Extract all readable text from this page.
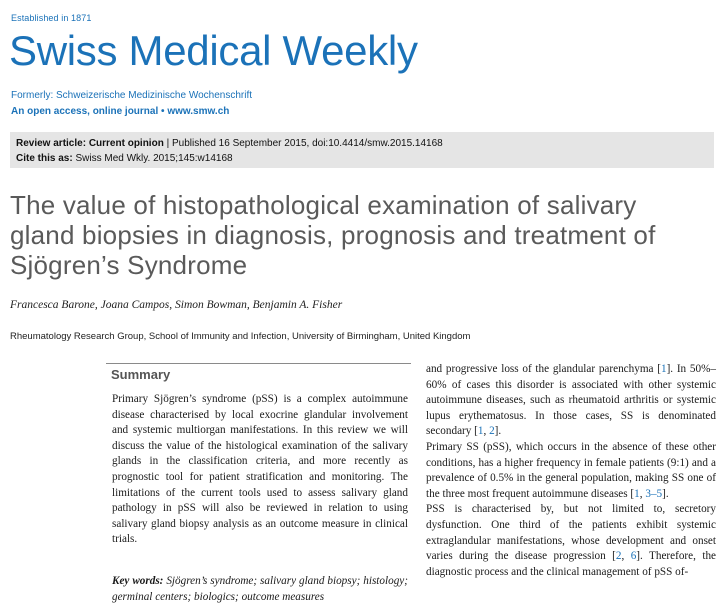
Established in 1871
Swiss Medical Weekly
Formerly: Schweizerische Medizinische Wochenschrift
An open access, online journal • www.smw.ch
Review article: Current opinion | Published 16 September 2015, doi:10.4414/smw.2015.14168
Cite this as: Swiss Med Wkly. 2015;145:w14168
The value of histopathological examination of salivary
gland biopsies in diagnosis, prognosis and treatment of
Sjögren’s Syndrome
Francesca Barone, Joana Campos, Simon Bowman, Benjamin A. Fisher
Rheumatology Research Group, School of Immunity and Infection, University of Birmingham, United Kingdom
Summary
Primary Sjögren’s syndrome (pSS) is a complex autoimmune disease characterised by local exocrine glandular involvement and systemic multiorgan manifestations. In this review we will discuss the value of the histological examination of the salivary glands in the classification criteria, and more recently as prognostic tool for patient stratification and monitoring. The limitations of the current tools used to assess salivary gland pathology in pSS will also be reviewed in relation to using salivary gland biopsy analysis as an outcome measure in clinical trials.
Key words: Sjögren’s syndrome; salivary gland biopsy; histology; germinal centers; biologics; outcome measures

and progressive loss of the glandular parenchyma [1]. In 50%–60% of cases this disorder is associated with other systemic autoimmune diseases, such as rheumatoid arthritis or systemic lupus erythematosus. In those cases, SS is denominated secondary [1, 2].

Primary SS (pSS), which occurs in the absence of these other conditions, has a higher frequency in female patients (9:1) and a prevalence of 0.5% in the general population, making SS one of the three most frequent autoimmune diseases [1, 3–5].

PSS is characterised by, but not limited to, secretory dysfunction. One third of the patients exhibit systemic extraglandular manifestations, whose development and onset varies during the disease progression [2, 6]. Therefore, the diagnostic process and the clinical management of pSS of-
